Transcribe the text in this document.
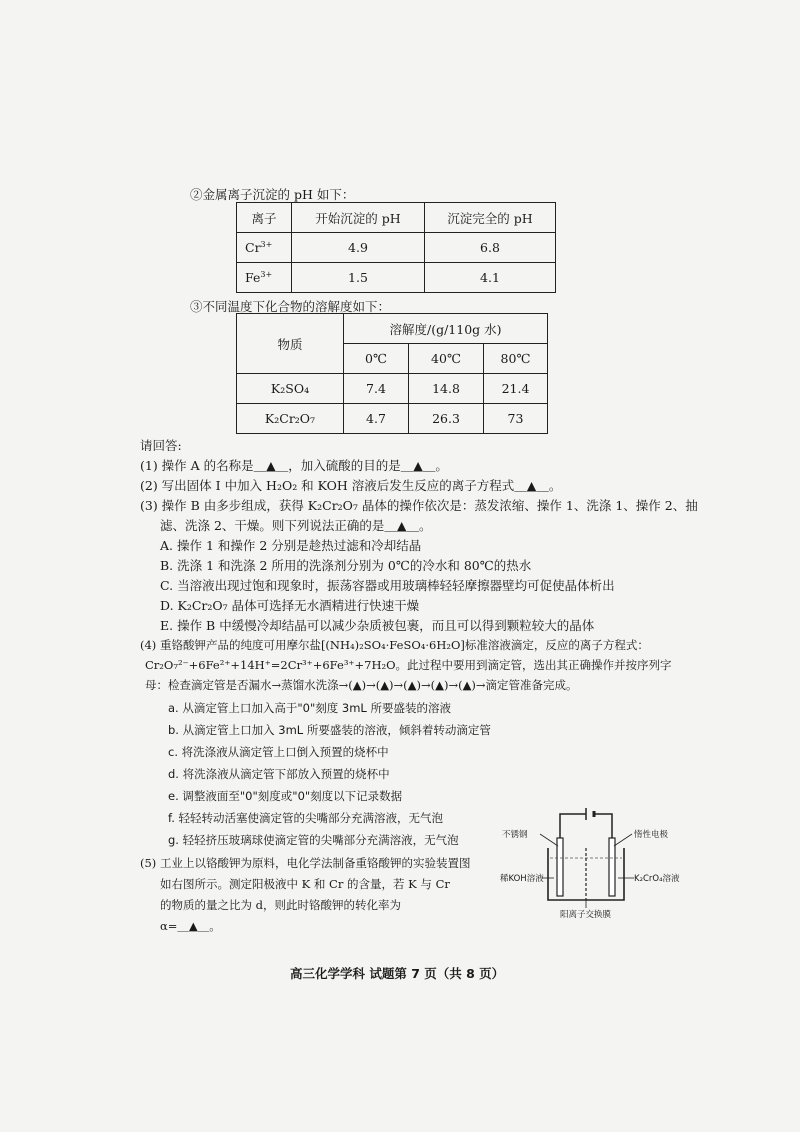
②金属离子沉淀的 pH 如下：
离子	开始沉淀的 pH	沉淀完全的 pH
$Cr^{3+}$	4.9	6.8
$Fe^{3+}$	1.5	4.1
③不同温度下化合物的溶解度如下：
物质	溶解度/(g/110g 水)		
	0℃	40℃	80℃
K₂SO₄	7.4	14.8	21.4
K₂Cr₂O₇	4.7	26.3	73
请回答:
(1) 操作 A 的名称是＿▲＿，加入硫酸的目的是＿▲＿。
(2) 写出固体 I 中加入 H₂O₂ 和 KOH 溶液后发生反应的离子方程式＿▲＿。
(3) 操作 B 由多步组成，获得 K₂Cr₂O₇ 晶体的操作依次是：蒸发浓缩、操作 1、洗涤 1、操作 2、抽
滤、洗涤 2、干燥。则下列说法正确的是＿▲＿。
A. 操作 1 和操作 2 分别是趁热过滤和冷却结晶
B. 洗涤 1 和洗涤 2 所用的洗涤剂分别为 0℃的冷水和 80℃的热水
C. 当溶液出现过饱和现象时，振荡容器或用玻璃棒轻轻摩擦器壁均可促使晶体析出
D. K₂Cr₂O₇ 晶体可选择无水酒精进行快速干燥
E. 操作 B 中缓慢冷却结晶可以减少杂质被包裹，而且可以得到颗粒较大的晶体
(4) 重铬酸钾产品的纯度可用摩尔盐[(NH₄)₂SO₄·FeSO₄·6H₂O]标准溶液滴定，反应的离子方程式：
Cr₂O₇²⁻+6Fe²⁺+14H⁺=2Cr³⁺+6Fe³⁺+7H₂O。此过程中要用到滴定管，选出其正确操作并按序列字
母：检查滴定管是否漏水→蒸馏水洗涤→(▲)→(▲)→(▲)→(▲)→(▲)→滴定管准备完成。
a. 从滴定管上口加入高于"0"刻度 3mL 所要盛装的溶液
b. 从滴定管上口加入 3mL 所要盛装的溶液，倾斜着转动滴定管
c. 将洗涤液从滴定管上口倒入预置的烧杯中
d. 将洗涤液从滴定管下部放入预置的烧杯中
e. 调整液面至"0"刻度或"0"刻度以下记录数据
f. 轻轻转动活塞使滴定管的尖嘴部分充满溶液，无气泡
g. 轻轻挤压玻璃球使滴定管的尖嘴部分充满溶液，无气泡
(5) 工业上以铬酸钾为原料，电化学法制备重铬酸钾的实验装置图
如右图所示。测定阳极液中 K 和 Cr 的含量，若 K 与 Cr
的物质的量之比为 d，则此时铬酸钾的转化率为
α=＿▲＿。
不锈钢	惰性电极
稀KOH溶液	K₂CrO₄溶液
阳离子交换膜
高三化学学科 试题第 7 页（共 8 页）
